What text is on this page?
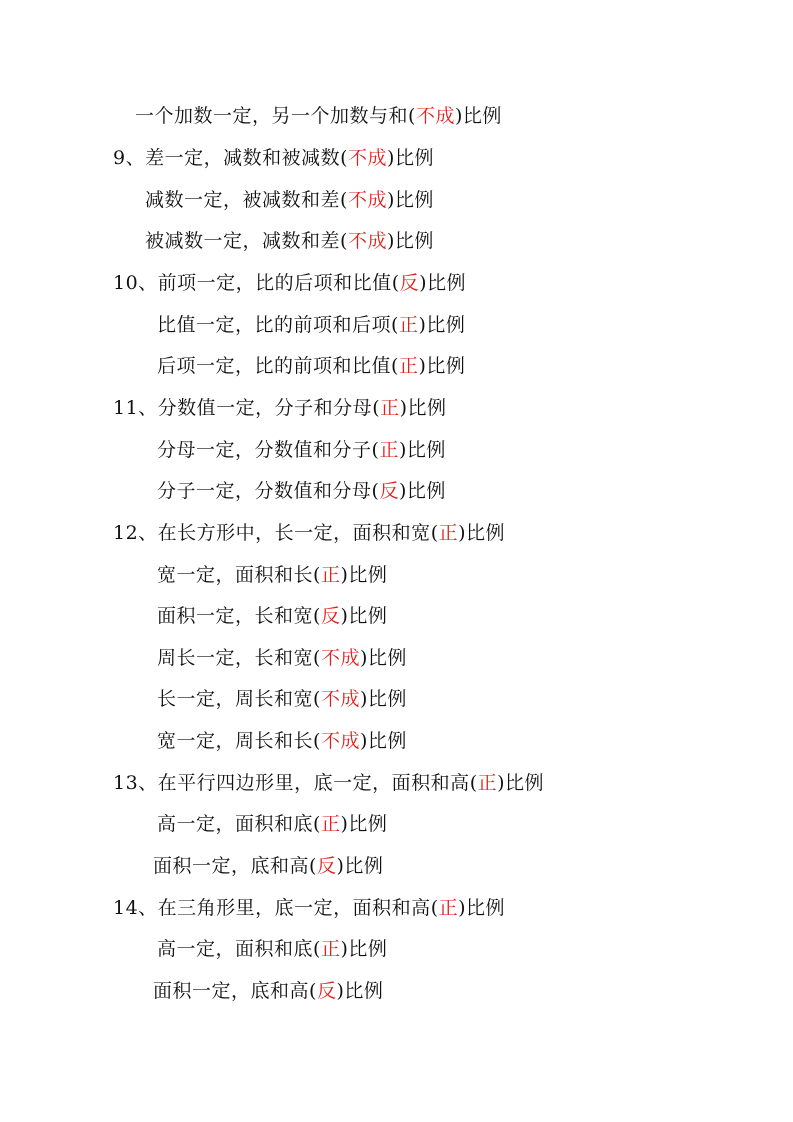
一个加数一定，另一个加数与和(不成)比例
9、差一定，减数和被减数(不成)比例
减数一定，被减数和差(不成)比例
被减数一定，减数和差(不成)比例
10、前项一定，比的后项和比值(反)比例
比值一定，比的前项和后项(正)比例
后项一定，比的前项和比值(正)比例
11、分数值一定，分子和分母(正)比例
分母一定，分数值和分子(正)比例
分子一定，分数值和分母(反)比例
12、在长方形中，长一定，面积和宽(正)比例
宽一定，面积和长(正)比例
面积一定，长和宽(反)比例
周长一定，长和宽(不成)比例
长一定，周长和宽(不成)比例
宽一定，周长和长(不成)比例
13、在平行四边形里，底一定，面积和高(正)比例
高一定，面积和底(正)比例
面积一定，底和高(反)比例
14、在三角形里，底一定，面积和高(正)比例
高一定，面积和底(正)比例
面积一定，底和高(反)比例
